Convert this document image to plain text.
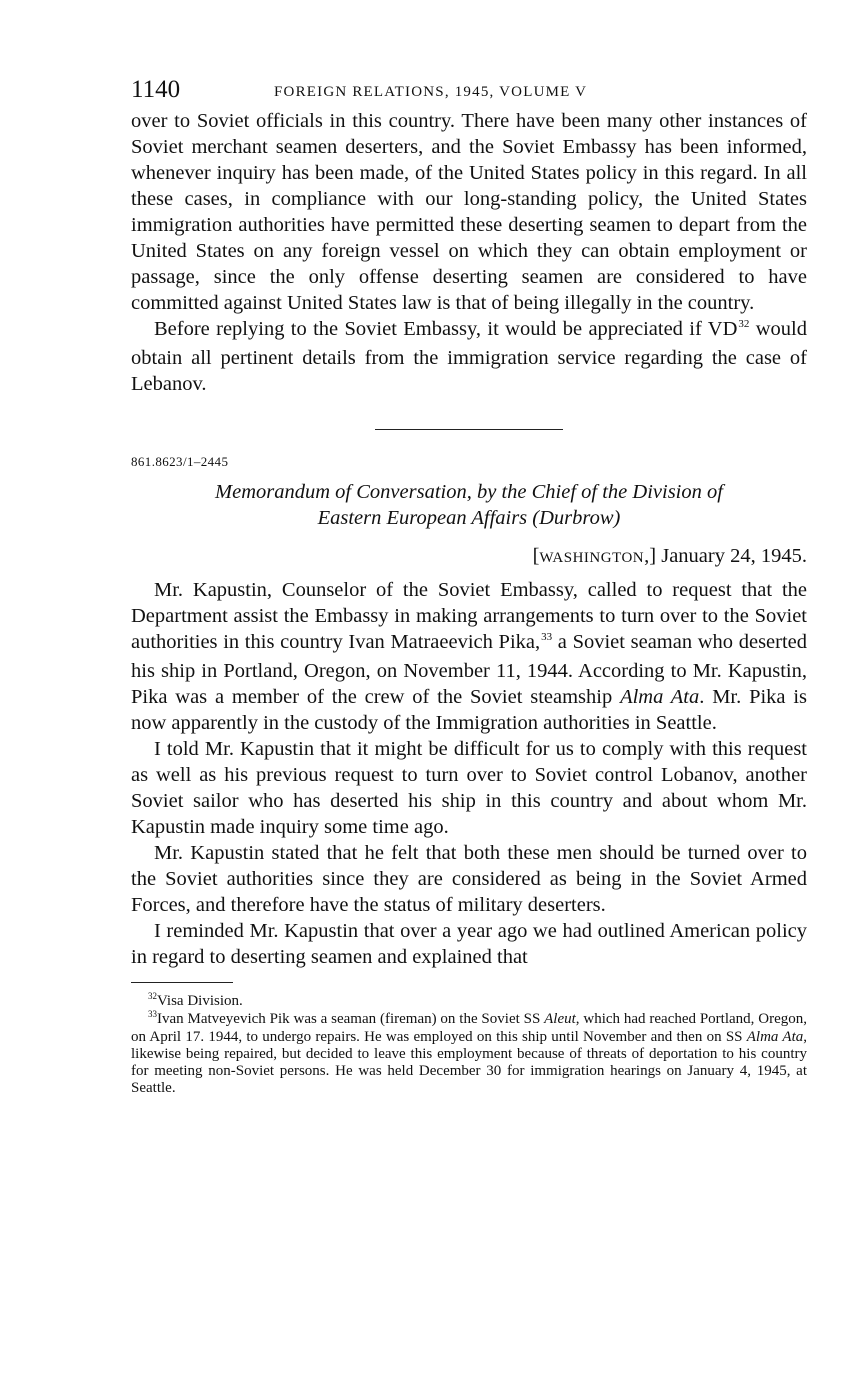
1140	FOREIGN RELATIONS, 1945, VOLUME V

over to Soviet officials in this country. There have been many other instances of Soviet merchant seamen deserters, and the Soviet Embassy has been informed, whenever inquiry has been made, of the United States policy in this regard. In all these cases, in compliance with our long-standing policy, the United States immigration authorities have permitted these deserting seamen to depart from the United States on any foreign vessel on which they can obtain employment or passage, since the only offense deserting seamen are considered to have committed against United States law is that of being illegally in the country.

Before replying to the Soviet Embassy, it would be appreciated if VD$^{32}$ would obtain all pertinent details from the immigration service regarding the case of Lebanov.

861.8623/1–2445
Memorandum of Conversation, by the Chief of the Division of
Eastern European Affairs (Durbrow)
[WASHINGTON,] January 24, 1945.

Mr. Kapustin, Counselor of the Soviet Embassy, called to request that the Department assist the Embassy in making arrangements to turn over to the Soviet authorities in this country Ivan Matraeevich Pika,$^{33}$ a Soviet seaman who deserted his ship in Portland, Oregon, on November 11, 1944. According to Mr. Kapustin, Pika was a member of the crew of the Soviet steamship Alma Ata. Mr. Pika is now apparently in the custody of the Immigration authorities in Seattle.

I told Mr. Kapustin that it might be difficult for us to comply with this request as well as his previous request to turn over to Soviet control Lobanov, another Soviet sailor who has deserted his ship in this country and about whom Mr. Kapustin made inquiry some time ago.

Mr. Kapustin stated that he felt that both these men should be turned over to the Soviet authorities since they are considered as being in the Soviet Armed Forces, and therefore have the status of military deserters.

I reminded Mr. Kapustin that over a year ago we had outlined American policy in regard to deserting seamen and explained that

$^{32}$Visa Division.

$^{33}$Ivan Matveyevich Pik was a seaman (fireman) on the Soviet SS Aleut, which had reached Portland, Oregon, on April 17. 1944, to undergo repairs. He was employed on this ship until November and then on SS Alma Ata, likewise being repaired, but decided to leave this employment because of threats of deportation to his country for meeting non-Soviet persons. He was held December 30 for immigration hearings on January 4, 1945, at Seattle.
